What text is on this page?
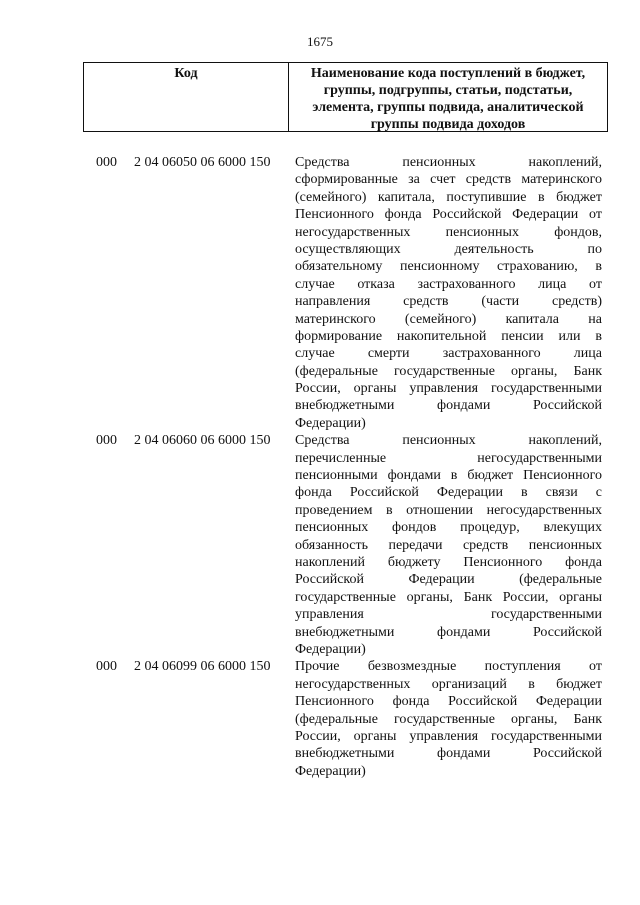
1675
Код	Наименование кода поступлений в бюджет,
группы, подгруппы, статьи, подстатьи,
элемента, группы подвида, аналитической
группы подвида доходов
000 2 04 06050 06 6000 150 Средства пенсионных накоплений,
сформированные за счет средств материнского
(семейного) капитала, поступившие в бюджет
Пенсионного фонда Российской Федерации от
негосударственных пенсионных фондов,
осуществляющих деятельность по
обязательному пенсионному страхованию, в
случае отказа застрахованного лица от
направления средств (части средств)
материнского (семейного) капитала на
формирование накопительной пенсии или в
случае смерти застрахованного лица
(федеральные государственные органы, Банк
России, органы управления государственными
внебюджетными фондами Российской
Федерации)
000 2 04 06060 06 6000 150 Средства пенсионных накоплений,
перечисленные негосударственными
пенсионными фондами в бюджет Пенсионного
фонда Российской Федерации в связи с
проведением в отношении негосударственных
пенсионных фондов процедур, влекущих
обязанность передачи средств пенсионных
накоплений бюджету Пенсионного фонда
Российской Федерации (федеральные
государственные органы, Банк России, органы
управления государственными
внебюджетными фондами Российской
Федерации)
000 2 04 06099 06 6000 150 Прочие безвозмездные поступления от
негосударственных организаций в бюджет
Пенсионного фонда Российской Федерации
(федеральные государственные органы, Банк
России, органы управления государственными
внебюджетными фондами Российской
Федерации)
